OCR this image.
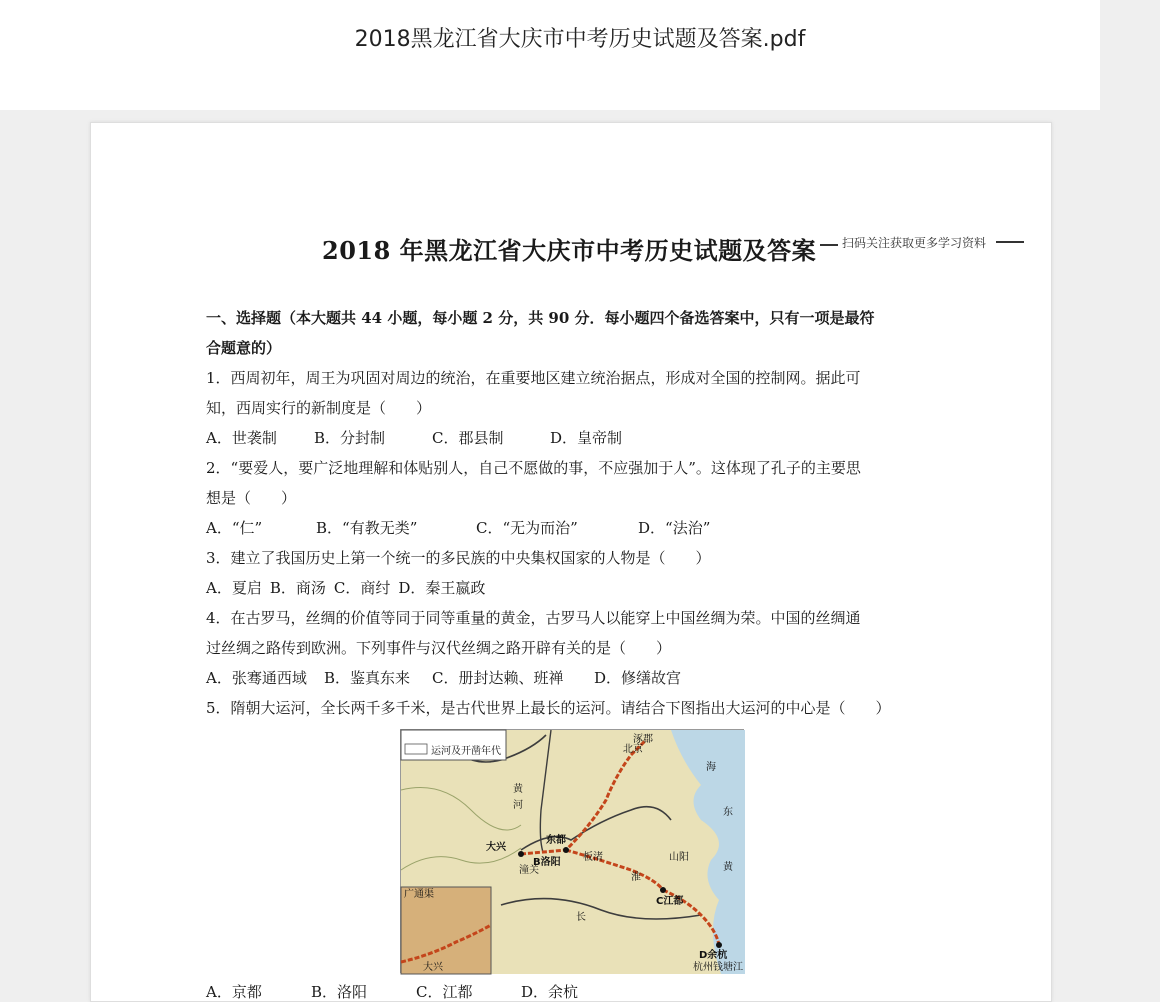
2018黑龙江省大庆市中考历史试题及答案.pdf
2018 年黑龙江省大庆市中考历史试题及答案 扫码关注获取更多学习资料
一、选择题（本大题共 44 小题，每小题 2 分，共 90 分．每小题四个备选答案中，只有一项是最符
合题意的）
1．西周初年，周王为巩固对周边的统治，在重要地区建立统治据点，形成对全国的控制网。据此可
知，西周实行的新制度是（　　）
A．世袭制 B．分封制	C．郡县制	D．皇帝制
2．“要爱人，要广泛地理解和体贴别人，自己不愿做的事，不应强加于人”。这体现了孔子的主要思
想是（　　）
A．“仁”	B．“有教无类”	C．“无为而治”	D．“法治”
3．建立了我国历史上第一个统一的多民族的中央集权国家的人物是（　　）
A．夏启 B．商汤 C．商纣 D．秦王嬴政
4．在古罗马，丝绸的价值等同于同等重量的黄金，古罗马人以能穿上中国丝绸为荣。中国的丝绸通
过丝绸之路传到欧洲。下列事件与汉代丝绸之路开辟有关的是（　　）
A．张骞通西域 B．鉴真东来 C．册封达赖、班禅 D．修缮故宫
5．隋朝大运河，全长两千多千米，是古代世界上最长的运河。请结合下图指出大运河的中心是（　　）
运河及开凿年代
广通渠
大兴
北京
涿郡
大兴
东都
B洛阳 板渚	山阳
C江都
D余杭
杭州 钱塘江
潼关
黄
河
淮
海
东
黄
长
A．京都	B．洛阳	C．江都	D．余杭
